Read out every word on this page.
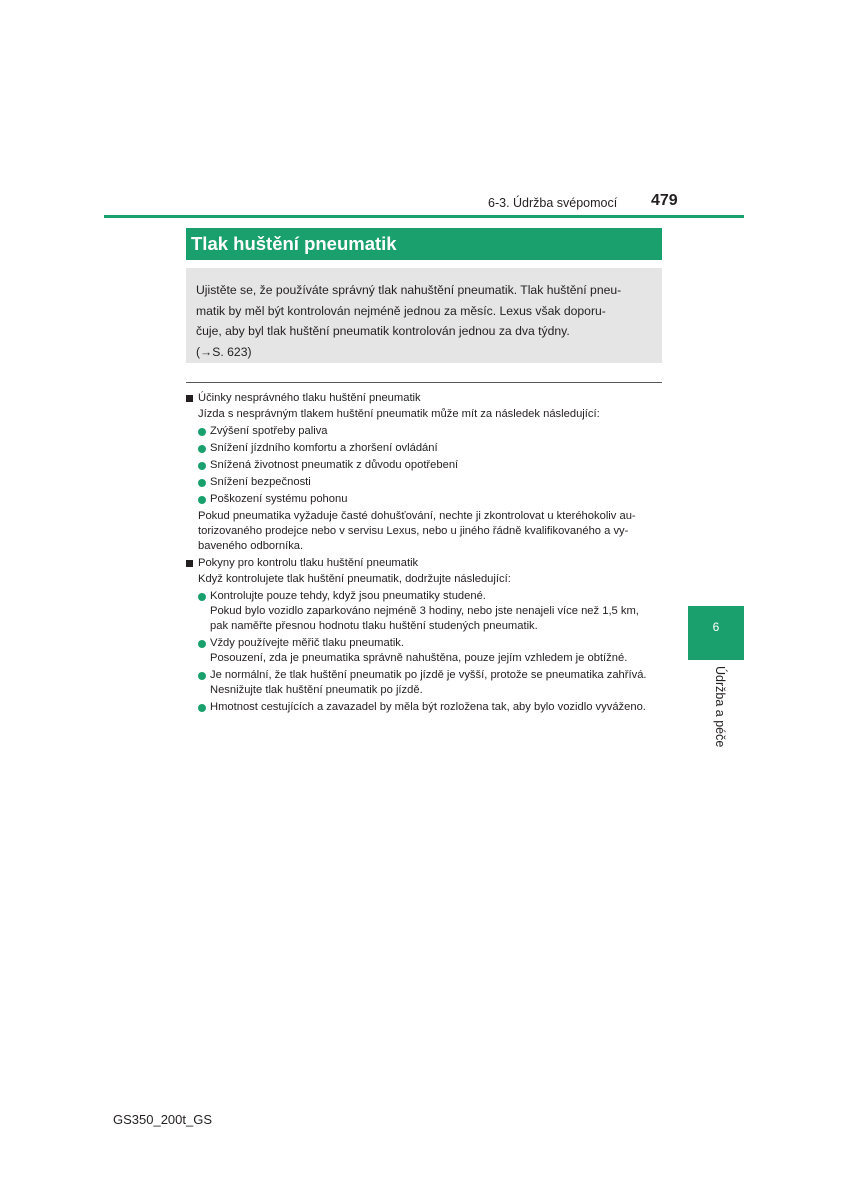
6-3. Údržba svépomocí 479
Tlak huštění pneumatik
Ujistěte se, že používáte správný tlak nahuštění pneumatik. Tlak huštění pneu-
matik by měl být kontrolován nejméně jednou za měsíc. Lexus však doporu-
čuje, aby byl tlak huštění pneumatik kontrolován jednou za dva týdny.
(→S. 623)
Účinky nesprávného tlaku huštění pneumatik
Jízda s nesprávným tlakem huštění pneumatik může mít za následek následující:
Zvýšení spotřeby paliva
Snížení jízdního komfortu a zhoršení ovládání
Snížená životnost pneumatik z důvodu opotřebení
Snížení bezpečnosti
Poškození systému pohonu
Pokud pneumatika vyžaduje časté dohušťování, nechte ji zkontrolovat u kteréhokoliv au-
torizovaného prodejce nebo v servisu Lexus, nebo u jiného řádně kvalifikovaného a vy-
baveného odborníka.
Pokyny pro kontrolu tlaku huštění pneumatik
Když kontrolujete tlak huštění pneumatik, dodržujte následující:
Kontrolujte pouze tehdy, když jsou pneumatiky studené.
Pokud bylo vozidlo zaparkováno nejméně 3 hodiny, nebo jste nenajeli více než 1,5 km,
pak naměřte přesnou hodnotu tlaku huštění studených pneumatik.
Vždy používejte měřič tlaku pneumatik.
Posouzení, zda je pneumatika správně nahuštěna, pouze jejím vzhledem je obtížné.
Je normální, že tlak huštění pneumatik po jízdě je vyšší, protože se pneumatika zahřívá.
Nesnižujte tlak huštění pneumatik po jízdě.
Hmotnost cestujících a zavazadel by měla být rozložena tak, aby bylo vozidlo vyváženo.
6
Údržba a péče
GS350_200t_GS
